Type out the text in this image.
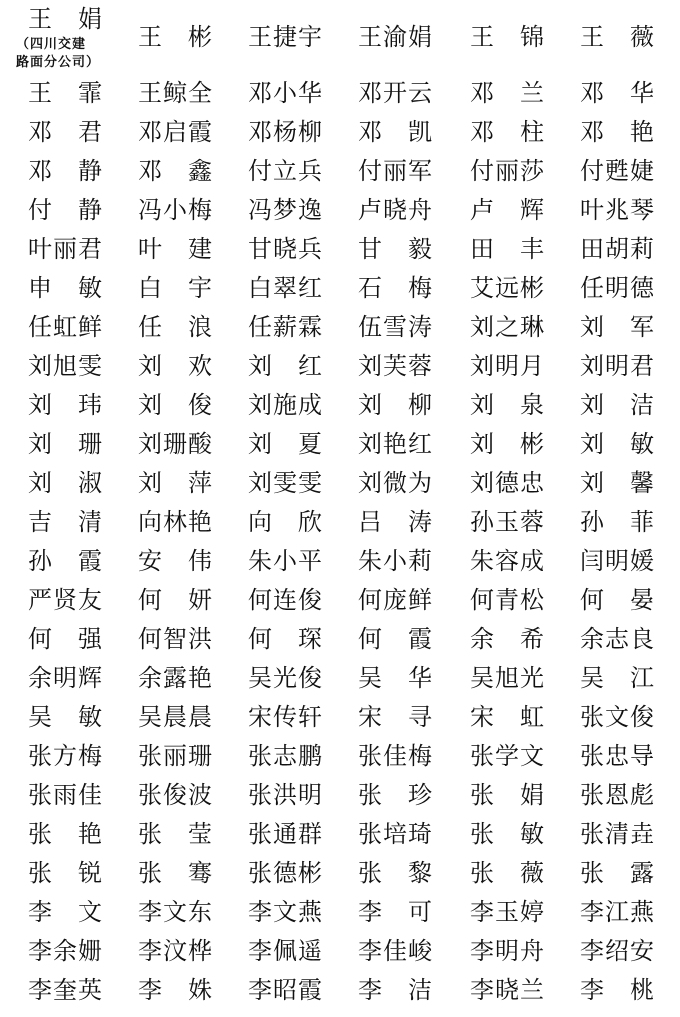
王 娟
（四川交建
路面分公司）
王 彬 王捷宇 王渝娟 王 锦 王 薇
王 霏 王鲸全 邓小华 邓开云 邓 兰 邓 华
邓 君 邓启霞 邓杨柳 邓 凯 邓 柱 邓 艳
邓 静 邓 鑫 付立兵 付丽军 付丽莎 付甦婕
付 静 冯小梅 冯梦逸 卢晓舟 卢 辉 叶兆琴
叶丽君 叶 建 甘晓兵 甘 毅 田 丰 田胡莉
申 敏 白 宇 白翠红 石 梅 艾远彬 任明德
任虹鲜 任 浪 任薪霖 伍雪涛 刘之琳 刘 军
刘旭雯 刘 欢 刘 红 刘芙蓉 刘明月 刘明君
刘 玮 刘 俊 刘施成 刘 柳 刘 泉 刘 洁
刘 珊 刘珊酸 刘 夏 刘艳红 刘 彬 刘 敏
刘 淑 刘 萍 刘雯雯 刘微为 刘德忠 刘 馨
吉 清 向林艳 向 欣 吕 涛 孙玉蓉 孙 菲
孙 霞 安 伟 朱小平 朱小莉 朱容成 闫明媛
严贤友 何 妍 何连俊 何庞鲜 何青松 何 晏
何 强 何智洪 何 琛 何 霞 余 希 余志良
余明辉 余露艳 吴光俊 吴 华 吴旭光 吴 江
吴 敏 吴晨晨 宋传轩 宋 寻 宋 虹 张文俊
张方梅 张丽珊 张志鹏 张佳梅 张学文 张忠导
张雨佳 张俊波 张洪明 张 珍 张 娟 张恩彪
张 艳 张 莹 张通群 张培琦 张 敏 张清垚
张 锐 张 骞 张德彬 张 黎 张 薇 张 露
李 文 李文东 李文燕 李 可 李玉婷 李江燕
李余姗 李汶桦 李佩遥 李佳峻 李明舟 李绍安
李奎英 李 姝 李昭霞 李 洁 李晓兰 李 桃
